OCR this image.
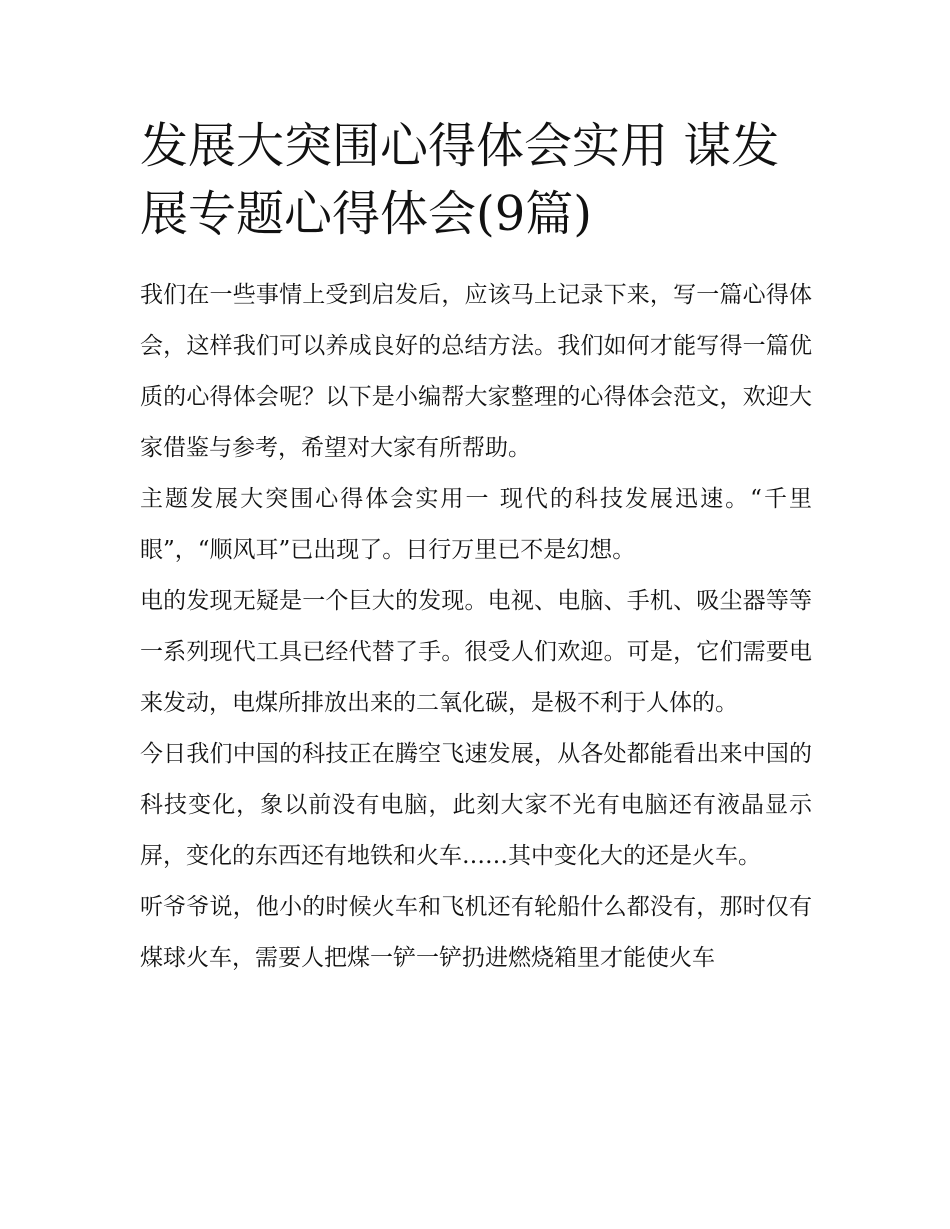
发展大突围心得体会实用 谋发展专题心得体会(9篇)

我们在一些事情上受到启发后，应该马上记录下来，写一篇心得体会，这样我们可以养成良好的总结方法。我们如何才能写得一篇优质的心得体会呢？以下是小编帮大家整理的心得体会范文，欢迎大家借鉴与参考，希望对大家有所帮助。

主题发展大突围心得体会实用一 现代的科技发展迅速。“千里眼”，“顺风耳”已出现了。日行万里已不是幻想。

电的发现无疑是一个巨大的发现。电视、电脑、手机、吸尘器等等一系列现代工具已经代替了手。很受人们欢迎。可是，它们需要电来发动，电煤所排放出来的二氧化碳，是极不利于人体的。

今日我们中国的科技正在腾空飞速发展，从各处都能看出来中国的科技变化，象以前没有电脑，此刻大家不光有电脑还有液晶显示屏，变化的东西还有地铁和火车……其中变化大的还是火车。

听爷爷说，他小的时候火车和飞机还有轮船什么都没有，那时仅有煤球火车，需要人把煤一铲一铲扔进燃烧箱里才能使火车
